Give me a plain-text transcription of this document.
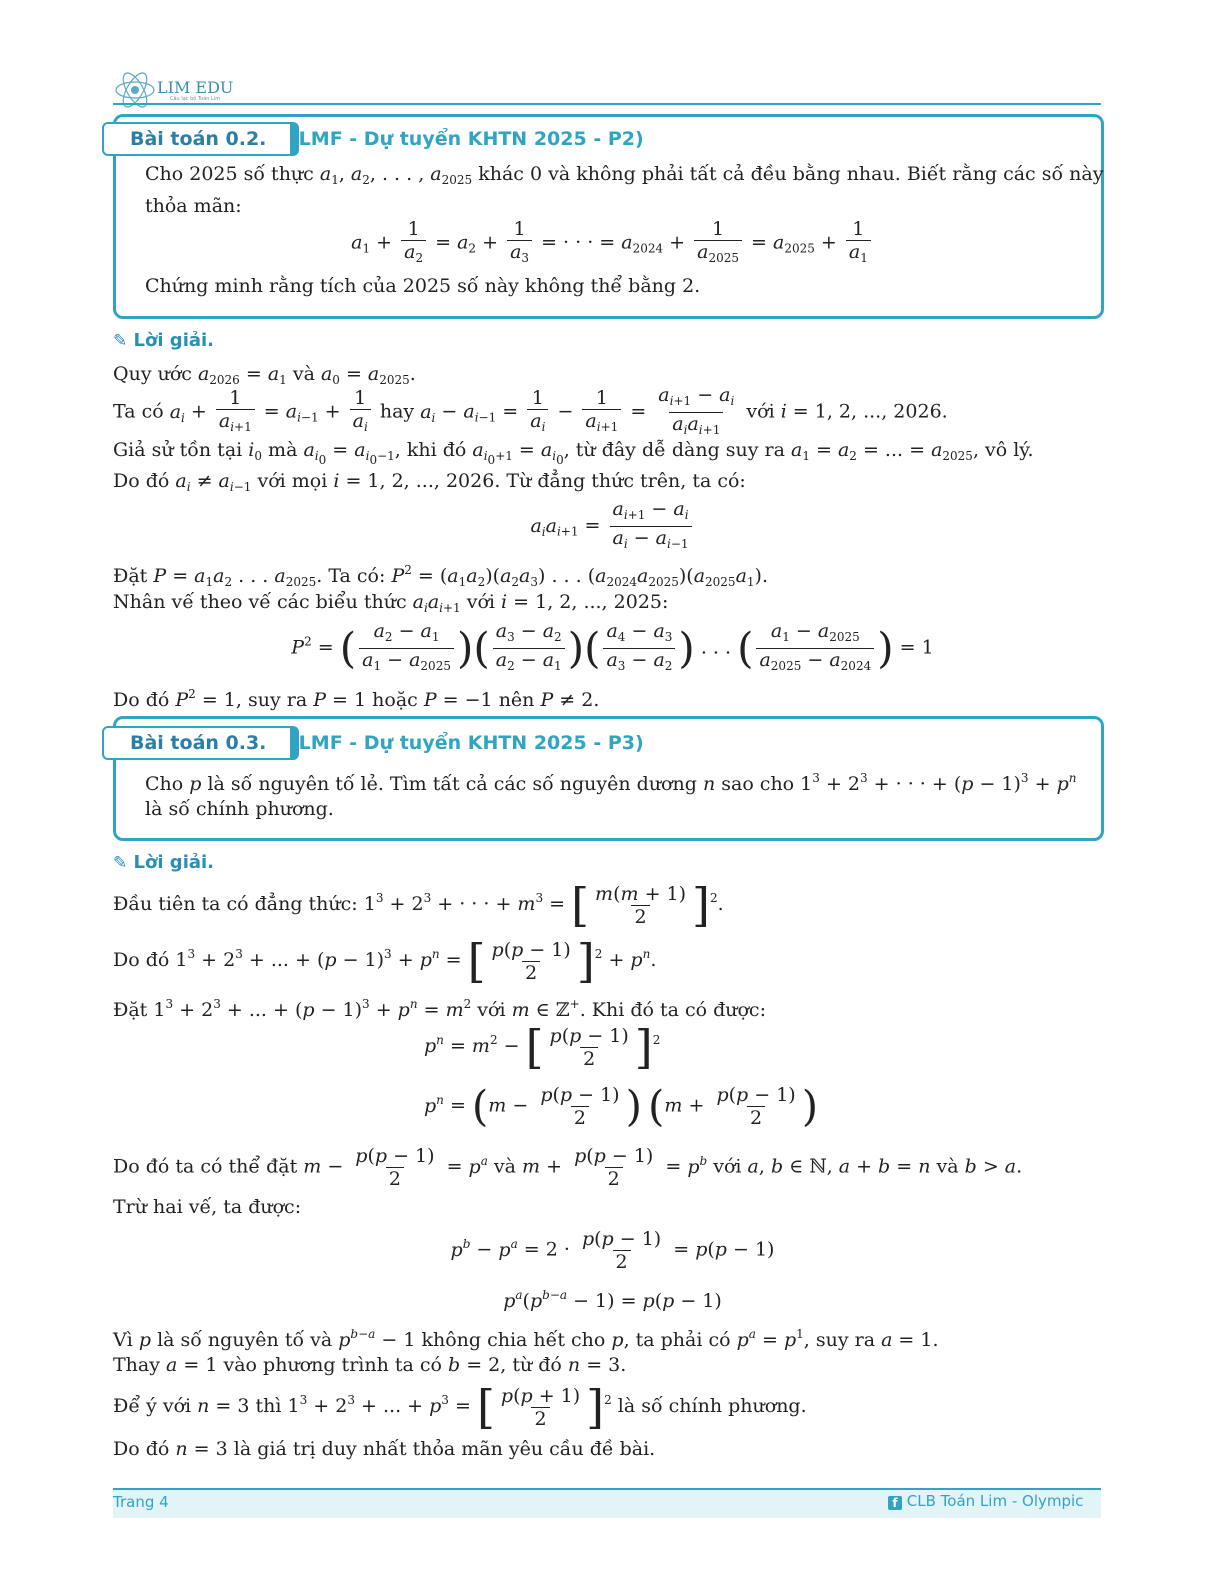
LIM EDU
Câu lạc bộ Toán Lim
Bài toán 0.2.	(LMF - Dự tuyển KHTN 2025 - P2)
Cho 2025 số thực $a_1$, $a_2$, . . . , $a_{2025}$ khác 0 và không phải tất cả đều bằng nhau. Biết rằng các số này
thỏa mãn:
$a_1 + \frac{1}{a_2} = a_2 + \frac{1}{a_3}$ = · · · = $a_{2024} + \frac{1}{a_{2025}} = a_{2025} + \frac{1}{a_1}$
Chứng minh rằng tích của 2025 số này không thể bằng 2.
✎ Lời giải.
Quy ước $a_{2026} = a_1$ và $a_0 = a_{2025}$.
Ta có $a_i + \frac{1}{a_{i+1}} = a_{i-1} + \frac{1}{a_i}$ hay $a_i - a_{i-1} = \frac{1}{a_i} - \frac{1}{a_{i+1}} = \frac{a_{i+1} - a_i}{a_ia_{i+1}}$ với i = 1, 2, ..., 2026.
Giả sử tồn tại $i_0$ mà $a_{i_0} = a_{i_0-1}$, khi đó $a_{i_0+1} = a_{i_0}$, từ đây dễ dàng suy ra $a_1 = a_2$ = ... = $a_{2025}$, vô lý.
Do đó $a_i \ne a_{i-1}$ với mọi i = 1, 2, ..., 2026. Từ đẳng thức trên, ta có:
$a_ia_{i+1} = \frac{a_{i+1} - a_i}{a_i - a_{i-1}}$
Đặt $P = a_1a_2$ . . . $a_{2025}$. Ta có: $P^2 = (a_1a_2)(a_2a_3)$ . . . $(a_{2024}a_{2025})(a_{2025}a_1)$.
Nhân vế theo vế các biểu thức $a_ia_{i+1}$ với i = 1, 2, ..., 2025:
$P^2$ = ( $\frac{a_2 - a_1}{a_1 - a_{2025}}$ )( $\frac{a_3 - a_2}{a_2 - a_1}$ )( $\frac{a_4 - a_3}{a_3 - a_2}$ ) . . . ( $\frac{a_1 - a_{2025}}{a_{2025} - a_{2024}}$ ) = 1
Do đó $P^2 = 1$, suy ra P = 1 hoặc P = −1 nên P ≠ 2.
Bài toán 0.3.	(LMF - Dự tuyển KHTN 2025 - P3)
Cho p là số nguyên tố lẻ. Tìm tất cả các số nguyên dương n sao cho $1^3 + 2^3$ + · · · + $(p - 1)^3 + p^n$
là số chính phương.
✎ Lời giải.
Đầu tiên ta có đẳng thức: $1^3 + 2^3$ + · · · + $m^3$ = [ $\frac{m(m + 1)}{2} ]^2$.
Do đó $1^3 + 2^3$ + ... + $(p - 1)^3 + p^n$ = [ $\frac{p(p - 1)}{2} ]^2 + p^n$.
Đặt $1^3 + 2^3$ + ... + $(p - 1)^3 + p^n = m^2$ với m ∈ ℤ+. Khi đó ta có được:
$p^n = m^2$ − [ $\frac{p(p - 1)}{2} ]^2$
$p^n = (m - \frac{p(p - 1)}{2}$ ) ($m + \frac{p(p - 1)}{2}$ )
Do đó ta có thể đặt $m - \frac{p(p - 1)}{2} = p^a$ và $m + \frac{p(p - 1)}{2} = p^b$ với a, b ∈ ℕ, a + b = n và b > a.
Trừ hai vế, ta được:
$p^b - p^a = 2 \cdot \frac{p(p - 1)}{2} = p(p - 1)$
$p^a(p^{b-a} - 1) = p(p - 1)$
Vì p là số nguyên tố và $p^{b-a} - 1$ không chia hết cho p, ta phải có $p^a = p^1$, suy ra a = 1.
Thay a = 1 vào phương trình ta có b = 2, từ đó n = 3.
Để ý với n = 3 thì $1^3 + 2^3$ + ... + $p^3$ = [ $\frac{p(p + 1)}{2} ]^2$ là số chính phương.
Do đó n = 3 là giá trị duy nhất thỏa mãn yêu cầu đề bài.
Trang 4	f CLB Toán Lim - Olympic
